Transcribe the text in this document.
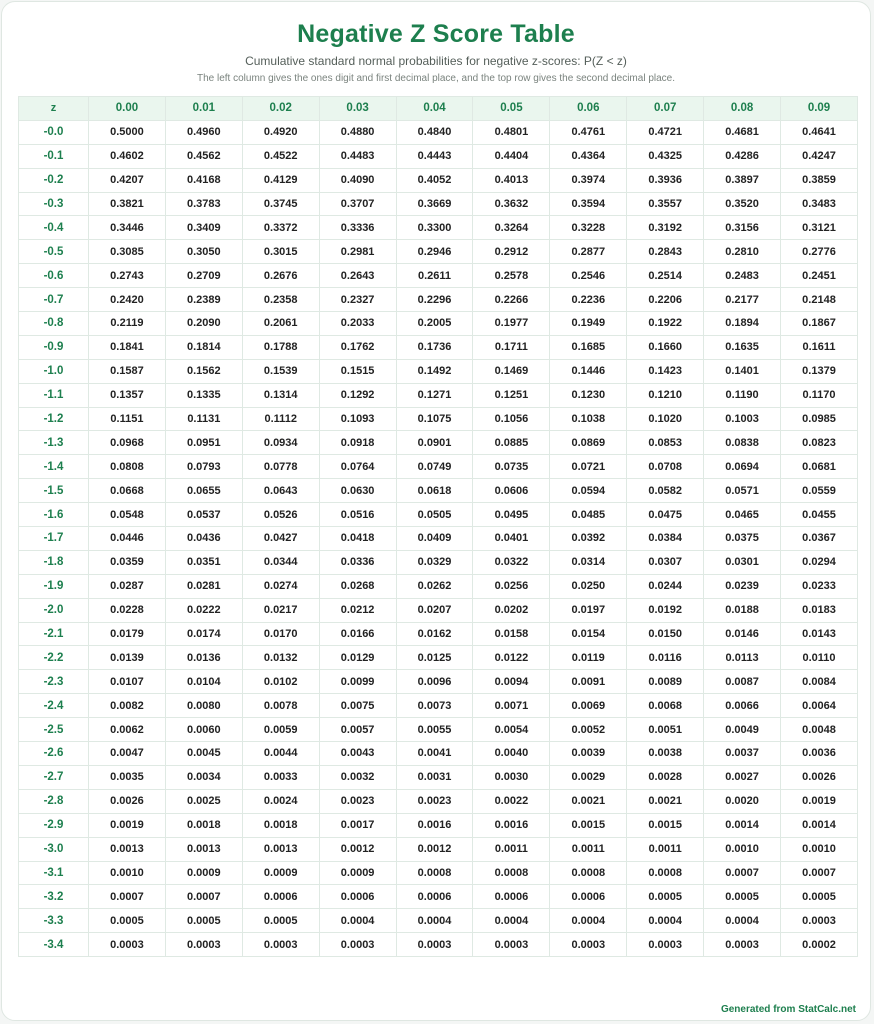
Negative Z Score Table
Cumulative standard normal probabilities for negative z-scores: P(Z < z)
The left column gives the ones digit and first decimal place, and the top row gives the second decimal place.
z	0.00	0.01	0.02	0.03	0.04	0.05	0.06	0.07	0.08	0.09
-0.0	0.5000	0.4960	0.4920	0.4880	0.4840	0.4801	0.4761	0.4721	0.4681	0.4641
-0.1	0.4602	0.4562	0.4522	0.4483	0.4443	0.4404	0.4364	0.4325	0.4286	0.4247
-0.2	0.4207	0.4168	0.4129	0.4090	0.4052	0.4013	0.3974	0.3936	0.3897	0.3859
-0.3	0.3821	0.3783	0.3745	0.3707	0.3669	0.3632	0.3594	0.3557	0.3520	0.3483
-0.4	0.3446	0.3409	0.3372	0.3336	0.3300	0.3264	0.3228	0.3192	0.3156	0.3121
-0.5	0.3085	0.3050	0.3015	0.2981	0.2946	0.2912	0.2877	0.2843	0.2810	0.2776
-0.6	0.2743	0.2709	0.2676	0.2643	0.2611	0.2578	0.2546	0.2514	0.2483	0.2451
-0.7	0.2420	0.2389	0.2358	0.2327	0.2296	0.2266	0.2236	0.2206	0.2177	0.2148
-0.8	0.2119	0.2090	0.2061	0.2033	0.2005	0.1977	0.1949	0.1922	0.1894	0.1867
-0.9	0.1841	0.1814	0.1788	0.1762	0.1736	0.1711	0.1685	0.1660	0.1635	0.1611
-1.0	0.1587	0.1562	0.1539	0.1515	0.1492	0.1469	0.1446	0.1423	0.1401	0.1379
-1.1	0.1357	0.1335	0.1314	0.1292	0.1271	0.1251	0.1230	0.1210	0.1190	0.1170
-1.2	0.1151	0.1131	0.1112	0.1093	0.1075	0.1056	0.1038	0.1020	0.1003	0.0985
-1.3	0.0968	0.0951	0.0934	0.0918	0.0901	0.0885	0.0869	0.0853	0.0838	0.0823
-1.4	0.0808	0.0793	0.0778	0.0764	0.0749	0.0735	0.0721	0.0708	0.0694	0.0681
-1.5	0.0668	0.0655	0.0643	0.0630	0.0618	0.0606	0.0594	0.0582	0.0571	0.0559
-1.6	0.0548	0.0537	0.0526	0.0516	0.0505	0.0495	0.0485	0.0475	0.0465	0.0455
-1.7	0.0446	0.0436	0.0427	0.0418	0.0409	0.0401	0.0392	0.0384	0.0375	0.0367
-1.8	0.0359	0.0351	0.0344	0.0336	0.0329	0.0322	0.0314	0.0307	0.0301	0.0294
-1.9	0.0287	0.0281	0.0274	0.0268	0.0262	0.0256	0.0250	0.0244	0.0239	0.0233
-2.0	0.0228	0.0222	0.0217	0.0212	0.0207	0.0202	0.0197	0.0192	0.0188	0.0183
-2.1	0.0179	0.0174	0.0170	0.0166	0.0162	0.0158	0.0154	0.0150	0.0146	0.0143
-2.2	0.0139	0.0136	0.0132	0.0129	0.0125	0.0122	0.0119	0.0116	0.0113	0.0110
-2.3	0.0107	0.0104	0.0102	0.0099	0.0096	0.0094	0.0091	0.0089	0.0087	0.0084
-2.4	0.0082	0.0080	0.0078	0.0075	0.0073	0.0071	0.0069	0.0068	0.0066	0.0064
-2.5	0.0062	0.0060	0.0059	0.0057	0.0055	0.0054	0.0052	0.0051	0.0049	0.0048
-2.6	0.0047	0.0045	0.0044	0.0043	0.0041	0.0040	0.0039	0.0038	0.0037	0.0036
-2.7	0.0035	0.0034	0.0033	0.0032	0.0031	0.0030	0.0029	0.0028	0.0027	0.0026
-2.8	0.0026	0.0025	0.0024	0.0023	0.0023	0.0022	0.0021	0.0021	0.0020	0.0019
-2.9	0.0019	0.0018	0.0018	0.0017	0.0016	0.0016	0.0015	0.0015	0.0014	0.0014
-3.0	0.0013	0.0013	0.0013	0.0012	0.0012	0.0011	0.0011	0.0011	0.0010	0.0010
-3.1	0.0010	0.0009	0.0009	0.0009	0.0008	0.0008	0.0008	0.0008	0.0007	0.0007
-3.2	0.0007	0.0007	0.0006	0.0006	0.0006	0.0006	0.0006	0.0005	0.0005	0.0005
-3.3	0.0005	0.0005	0.0005	0.0004	0.0004	0.0004	0.0004	0.0004	0.0004	0.0003
-3.4	0.0003	0.0003	0.0003	0.0003	0.0003	0.0003	0.0003	0.0003	0.0003	0.0002
Generated from StatCalc.net
